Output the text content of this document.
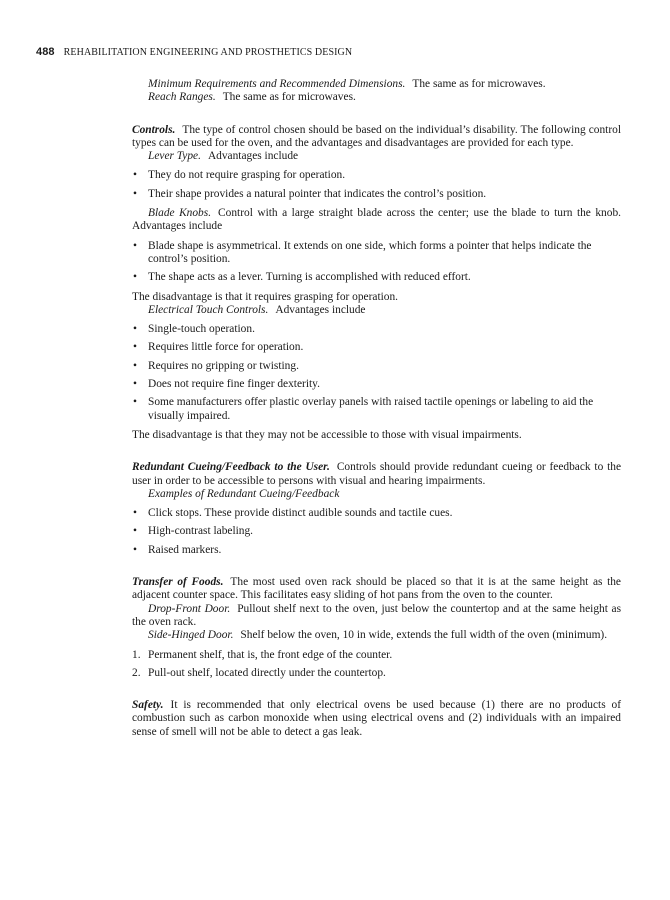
488 REHABILITATION ENGINEERING AND PROSTHETICS DESIGN

Minimum Requirements and Recommended Dimensions. The same as for microwaves.

Reach Ranges. The same as for microwaves.

Controls. The type of control chosen should be based on the individual’s disability. The following control types can be used for the oven, and the advantages and disadvantages are provided for each type.

Lever Type. Advantages include

• They do not require grasping for operation.
• Their shape provides a natural pointer that indicates the control’s position.

Blade Knobs. Control with a large straight blade across the center; use the blade to turn the knob. Advantages include

• Blade shape is asymmetrical. It extends on one side, which forms a pointer that helps indicate the control’s position.
• The shape acts as a lever. Turning is accomplished with reduced effort.

The disadvantage is that it requires grasping for operation.

Electrical Touch Controls. Advantages include

• Single-touch operation.
• Requires little force for operation.
• Requires no gripping or twisting.
• Does not require fine finger dexterity.
• Some manufacturers offer plastic overlay panels with raised tactile openings or labeling to aid the visually impaired.

The disadvantage is that they may not be accessible to those with visual impairments.

Redundant Cueing/Feedback to the User. Controls should provide redundant cueing or feedback to the user in order to be accessible to persons with visual and hearing impairments.

Examples of Redundant Cueing/Feedback

• Click stops. These provide distinct audible sounds and tactile cues.
• High-contrast labeling.
• Raised markers.

Transfer of Foods. The most used oven rack should be placed so that it is at the same height as the adjacent counter space. This facilitates easy sliding of hot pans from the oven to the counter.

Drop-Front Door. Pullout shelf next to the oven, just below the countertop and at the same height as the oven rack.

Side-Hinged Door. Shelf below the oven, 10 in wide, extends the full width of the oven (minimum).

1. Permanent shelf, that is, the front edge of the counter.
2. Pull-out shelf, located directly under the countertop.

Safety. It is recommended that only electrical ovens be used because (1) there are no products of combustion such as carbon monoxide when using electrical ovens and (2) individuals with an impaired sense of smell will not be able to detect a gas leak.
